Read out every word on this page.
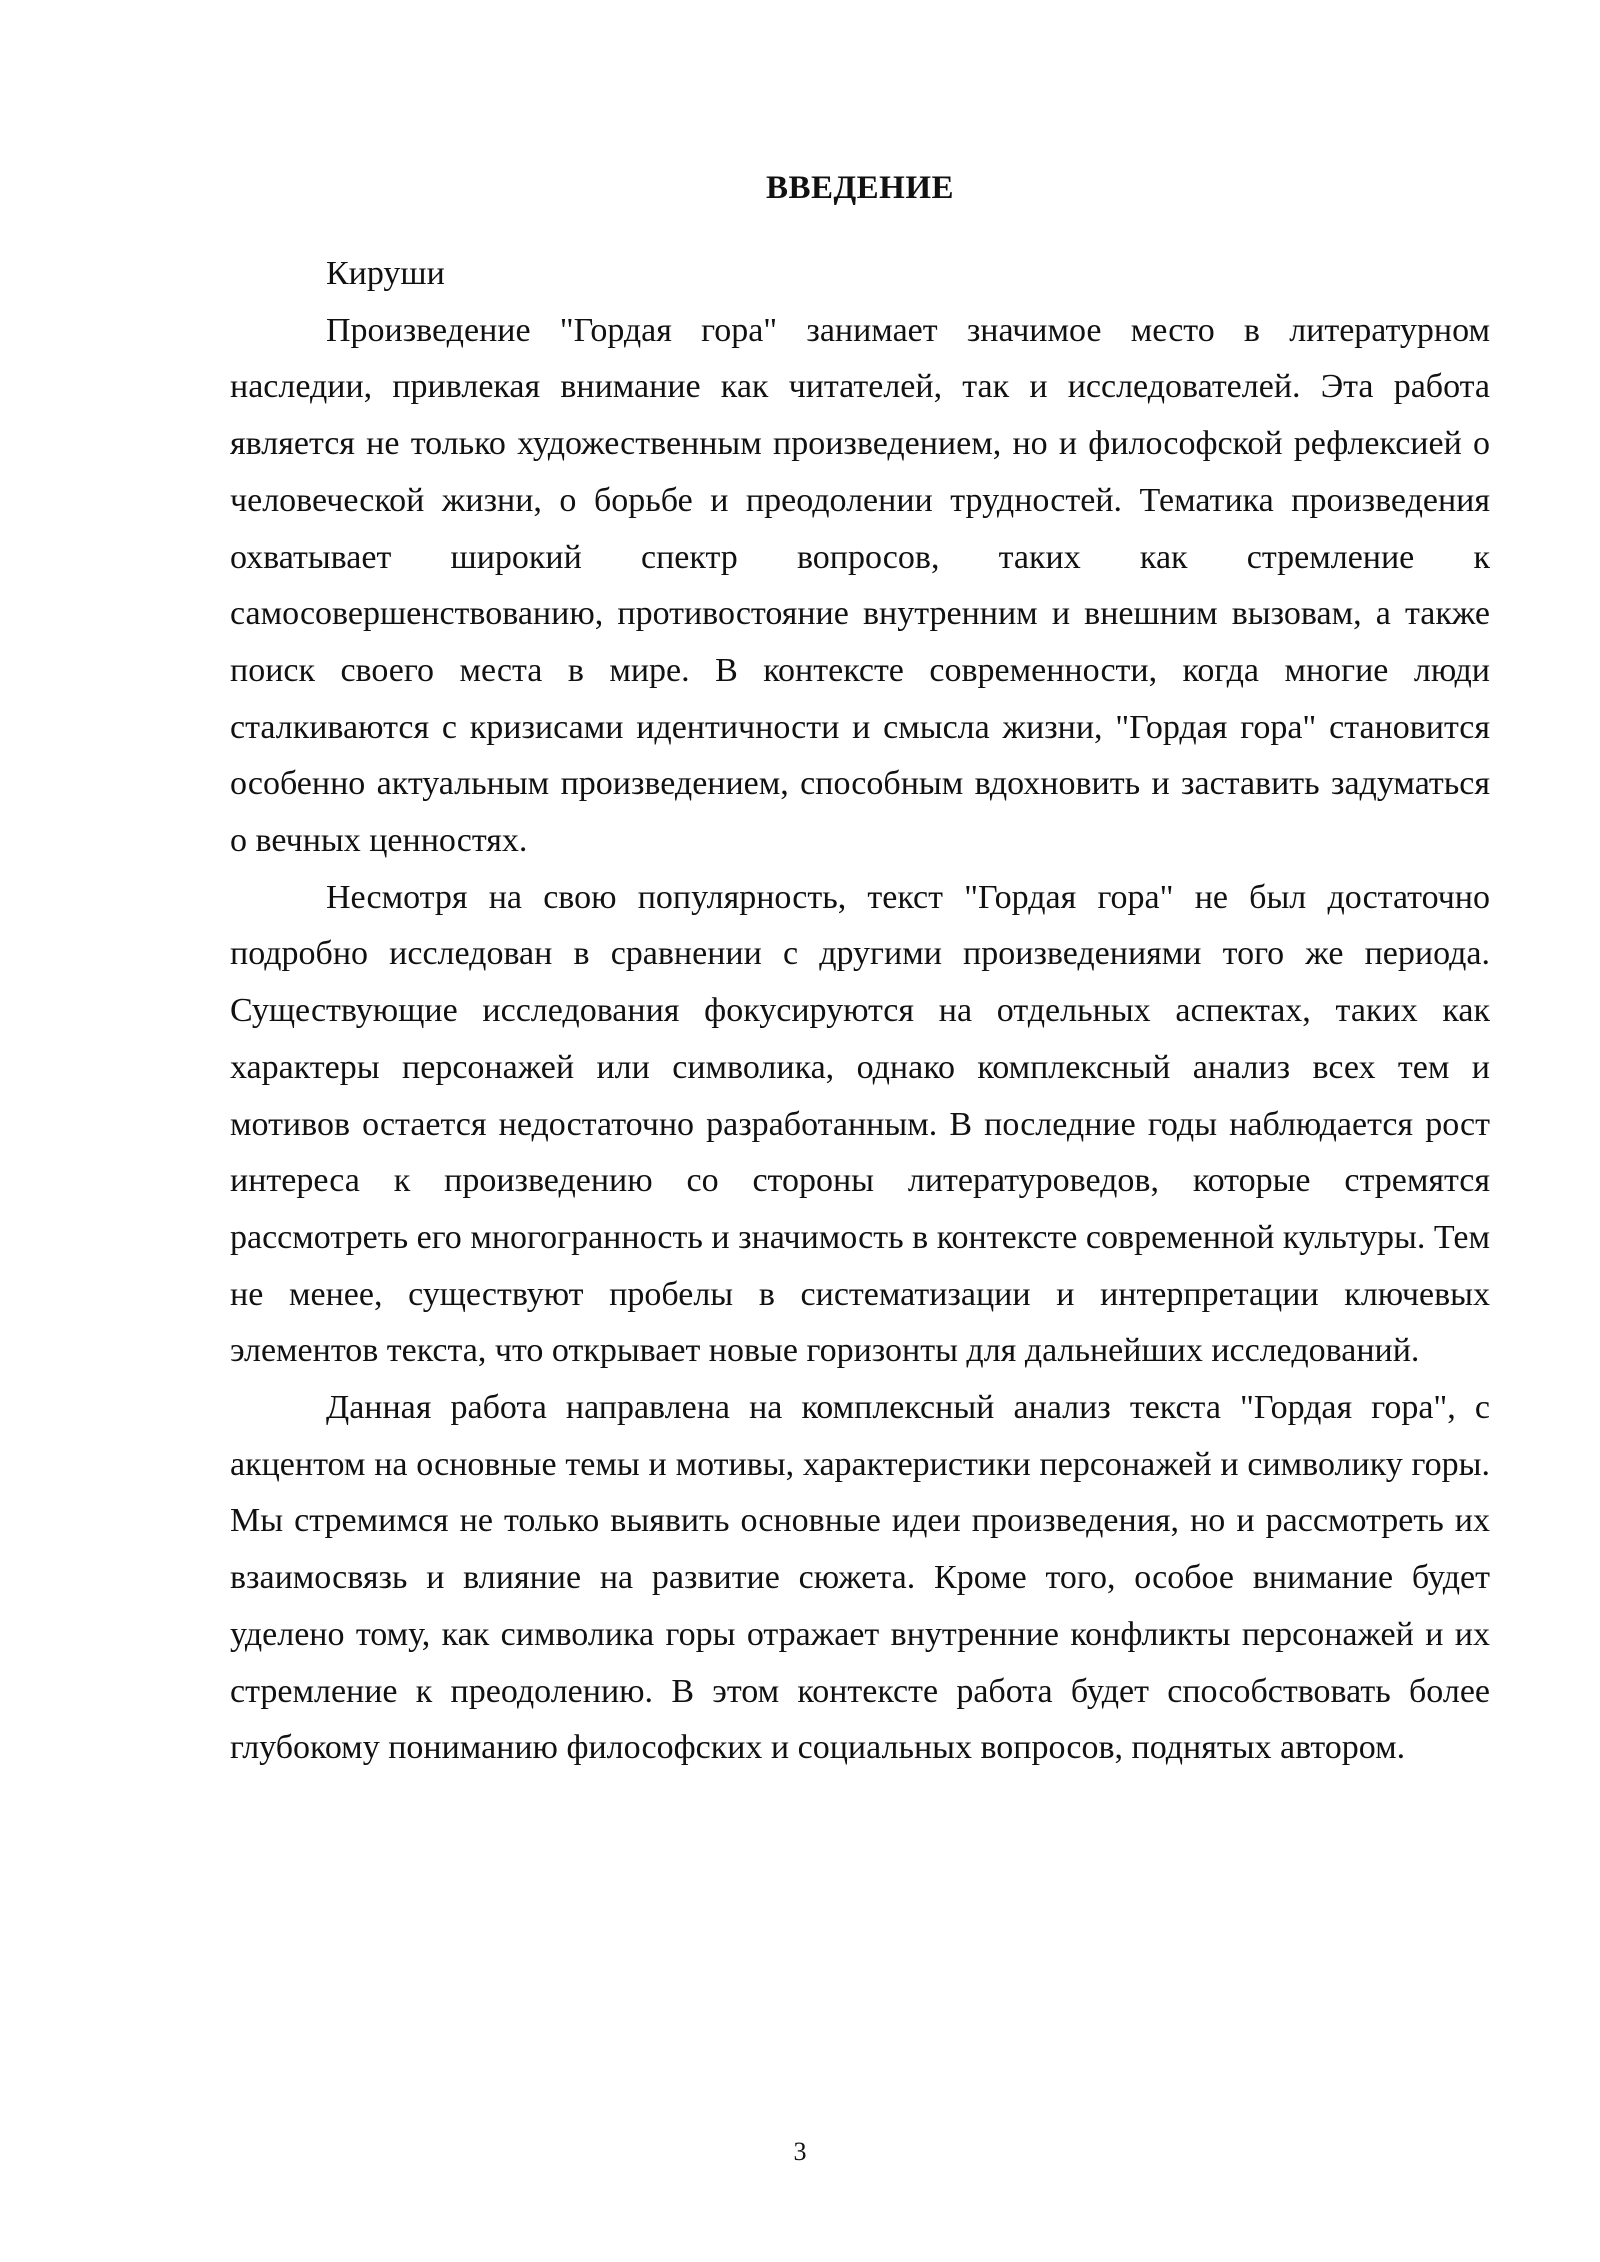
ВВЕДЕНИЕ

Кируши

Произведение "Гордая гора" занимает значимое место в литературном наследии, привлекая внимание как читателей, так и исследователей. Эта работа является не только художественным произведением, но и философской рефлексией о человеческой жизни, о борьбе и преодолении трудностей. Тематика произведения охватывает широкий спектр вопросов, таких как стремление к самосовершенствованию, противостояние внутренним и внешним вызовам, а также поиск своего места в мире. В контексте современности, когда многие люди сталкиваются с кризисами идентичности и смысла жизни, "Гордая гора" становится особенно актуальным произведением, способным вдохновить и заставить задуматься о вечных ценностях.

Несмотря на свою популярность, текст "Гордая гора" не был достаточно подробно исследован в сравнении с другими произведениями того же периода. Существующие исследования фокусируются на отдельных аспектах, таких как характеры персонажей или символика, однако комплексный анализ всех тем и мотивов остается недостаточно разработанным. В последние годы наблюдается рост интереса к произведению со стороны литературоведов, которые стремятся рассмотреть его многогранность и значимость в контексте современной культуры. Тем не менее, существуют пробелы в систематизации и интерпретации ключевых элементов текста, что открывает новые горизонты для дальнейших исследований.

Данная работа направлена на комплексный анализ текста "Гордая гора", с акцентом на основные темы и мотивы, характеристики персонажей и символику горы. Мы стремимся не только выявить основные идеи произведения, но и рассмотреть их взаимосвязь и влияние на развитие сюжета. Кроме того, особое внимание будет уделено тому, как символика горы отражает внутренние конфликты персонажей и их стремление к преодолению. В этом контексте работа будет способствовать более глубокому пониманию философских и социальных вопросов, поднятых автором.

3
